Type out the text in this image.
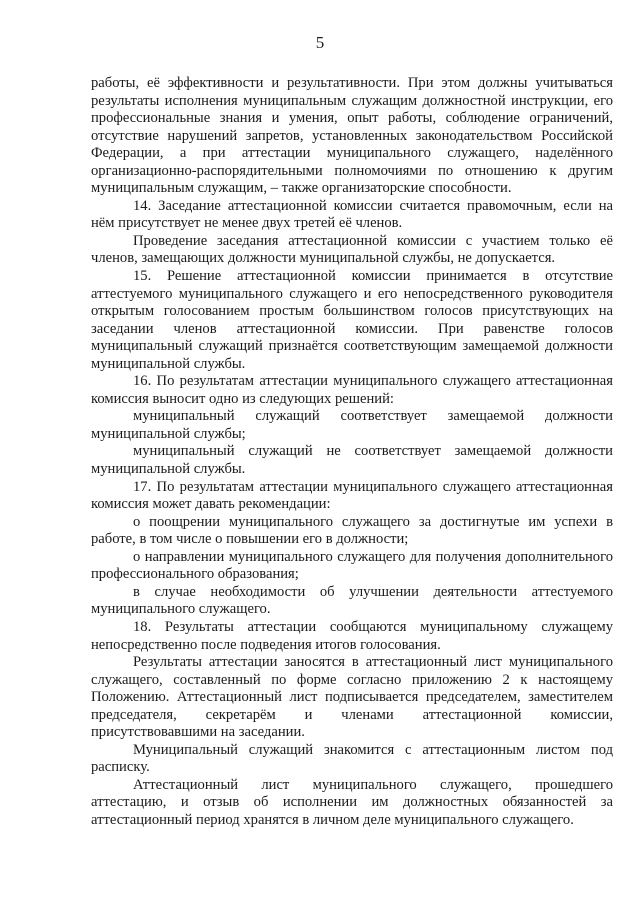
5

работы, её эффективности и результативности. При этом должны учитываться результаты исполнения муниципальным служащим должностной инструкции, его профессиональные знания и умения, опыт работы, соблюдение ограничений, отсутствие нарушений запретов, установленных законодательством Российской Федерации, а при аттестации муниципального служащего, наделённого организационно-распорядительными полномочиями по отношению к другим муниципальным служащим, – также организаторские способности.

14. Заседание аттестационной комиссии считается правомочным, если на нём присутствует не менее двух третей её членов.

Проведение заседания аттестационной комиссии с участием только её членов, замещающих должности муниципальной службы, не допускается.

15. Решение аттестационной комиссии принимается в отсутствие аттестуемого муниципального служащего и его непосредственного руководителя открытым голосованием простым большинством голосов присутствующих на заседании членов аттестационной комиссии. При равенстве голосов муниципальный служащий признаётся соответствующим замещаемой должности муниципальной службы.

16. По результатам аттестации муниципального служащего аттестационная комиссия выносит одно из следующих решений:

муниципальный служащий соответствует замещаемой должности муниципальной службы;

муниципальный служащий не соответствует замещаемой должности муниципальной службы.

17. По результатам аттестации муниципального служащего аттестационная комиссия может давать рекомендации:

о поощрении муниципального служащего за достигнутые им успехи в работе, в том числе о повышении его в должности;

о направлении муниципального служащего для получения дополнительного профессионального образования;

в случае необходимости об улучшении деятельности аттестуемого муниципального служащего.

18. Результаты аттестации сообщаются муниципальному служащему непосредственно после подведения итогов голосования.

Результаты аттестации заносятся в аттестационный лист муниципального служащего, составленный по форме согласно приложению 2 к настоящему Положению. Аттестационный лист подписывается председателем, заместителем председателя, секретарём и членами аттестационной комиссии, присутствовавшими на заседании.

Муниципальный служащий знакомится с аттестационным листом под расписку.

Аттестационный лист муниципального служащего, прошедшего аттестацию, и отзыв об исполнении им должностных обязанностей за аттестационный период хранятся в личном деле муниципального служащего.
